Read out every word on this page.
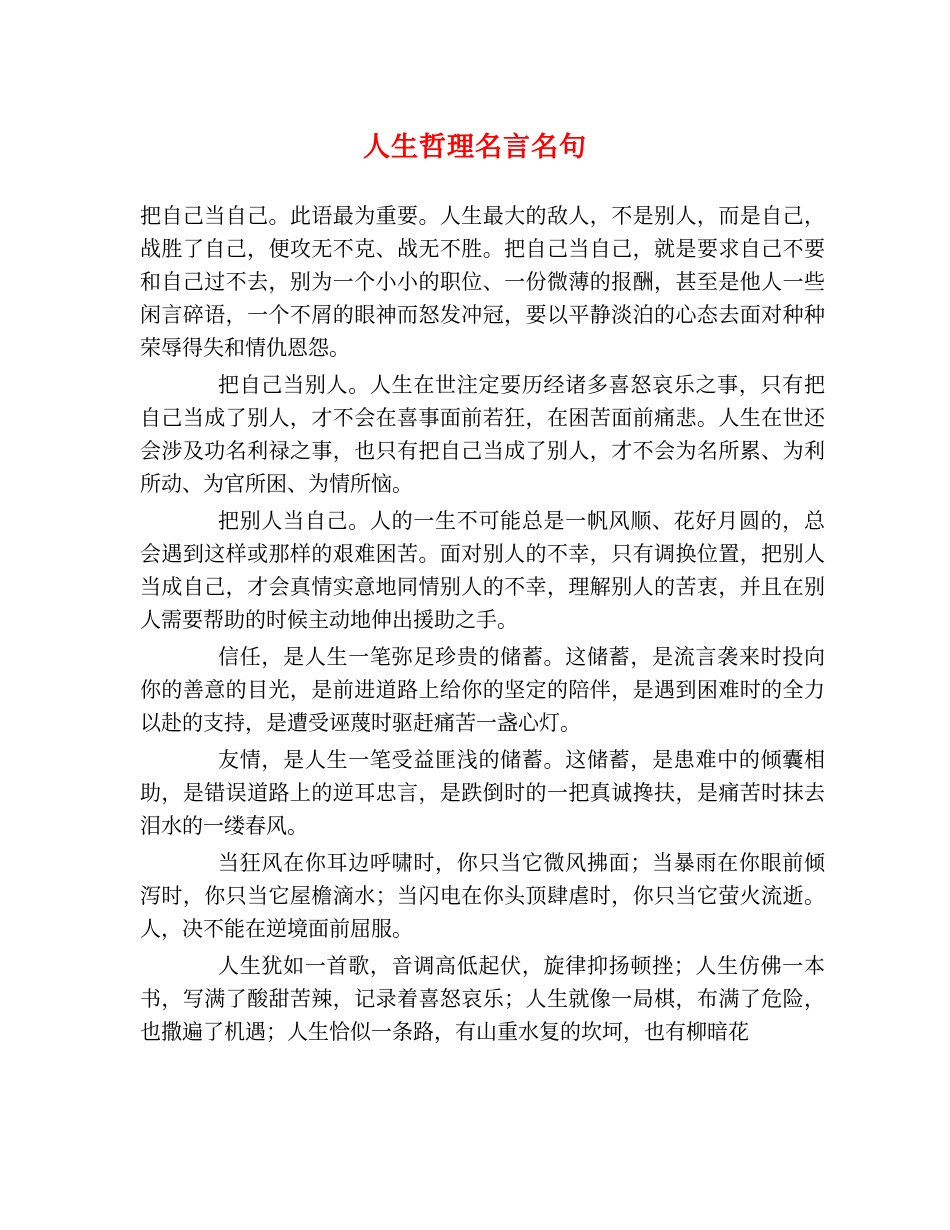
人生哲理名言名句

把自己当自己。此语最为重要。人生最大的敌人，不是别人，而是自己，战胜了自己，便攻无不克、战无不胜。把自己当自己，就是要求自己不要和自己过不去，别为一个小小的职位、一份微薄的报酬，甚至是他人一些闲言碎语，一个不屑的眼神而怒发冲冠，要以平静淡泊的心态去面对种种荣辱得失和情仇恩怨。

把自己当别人。人生在世注定要历经诸多喜怒哀乐之事，只有把自己当成了别人，才不会在喜事面前若狂，在困苦面前痛悲。人生在世还会涉及功名利禄之事，也只有把自己当成了别人，才不会为名所累、为利所动、为官所困、为情所恼。

把别人当自己。人的一生不可能总是一帆风顺、花好月圆的，总会遇到这样或那样的艰难困苦。面对别人的不幸，只有调换位置，把别人当成自己，才会真情实意地同情别人的不幸，理解别人的苦衷，并且在别人需要帮助的时候主动地伸出援助之手。

信任，是人生一笔弥足珍贵的储蓄。这储蓄，是流言袭来时投向你的善意的目光，是前进道路上给你的坚定的陪伴，是遇到困难时的全力以赴的支持，是遭受诬蔑时驱赶痛苦一盏心灯。

友情，是人生一笔受益匪浅的储蓄。这储蓄，是患难中的倾囊相助，是错误道路上的逆耳忠言，是跌倒时的一把真诚搀扶，是痛苦时抹去泪水的一缕春风。

当狂风在你耳边呼啸时，你只当它微风拂面；当暴雨在你眼前倾泻时，你只当它屋檐滴水；当闪电在你头顶肆虐时，你只当它萤火流逝。人，决不能在逆境面前屈服。

人生犹如一首歌，音调高低起伏，旋律抑扬顿挫；人生仿佛一本书，写满了酸甜苦辣，记录着喜怒哀乐；人生就像一局棋，布满了危险，也撒遍了机遇；人生恰似一条路，有山重水复的坎坷，也有柳暗花
